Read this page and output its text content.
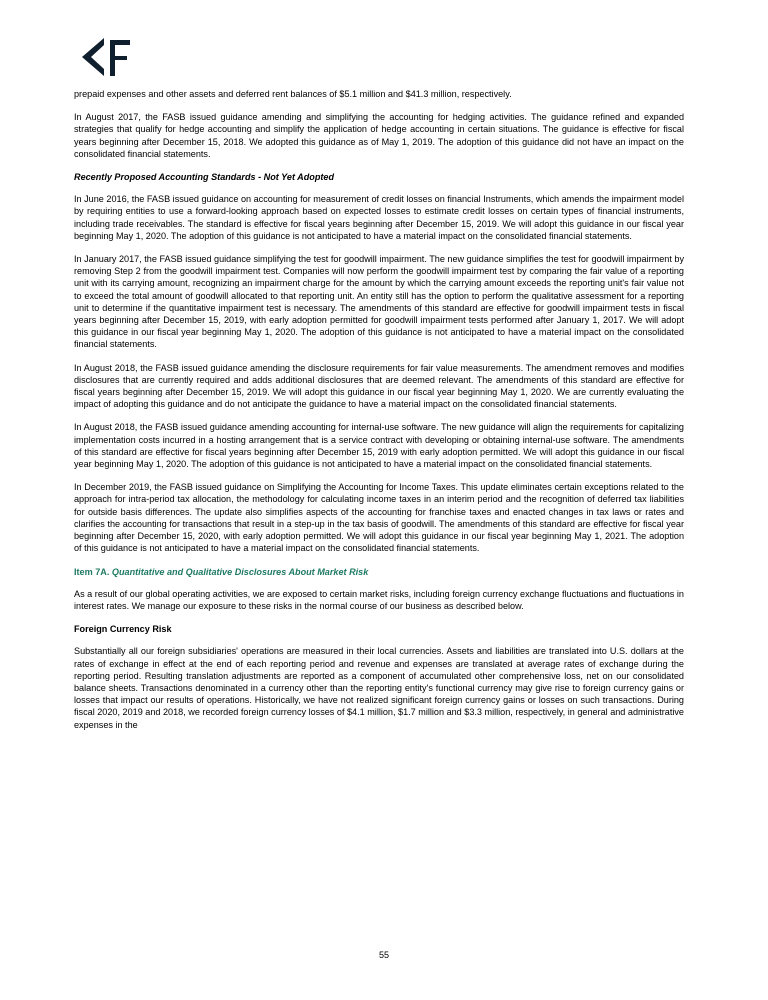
prepaid expenses and other assets and deferred rent balances of $5.1 million and $41.3 million, respectively.

In August 2017, the FASB issued guidance amending and simplifying the accounting for hedging activities. The guidance refined and expanded strategies that qualify for hedge accounting and simplify the application of hedge accounting in certain situations. The guidance is effective for fiscal years beginning after December 15, 2018. We adopted this guidance as of May 1, 2019. The adoption of this guidance did not have an impact on the consolidated financial statements.

Recently Proposed Accounting Standards - Not Yet Adopted

In June 2016, the FASB issued guidance on accounting for measurement of credit losses on financial Instruments, which amends the impairment model by requiring entities to use a forward-looking approach based on expected losses to estimate credit losses on certain types of financial instruments, including trade receivables. The standard is effective for fiscal years beginning after December 15, 2019. We will adopt this guidance in our fiscal year beginning May 1, 2020. The adoption of this guidance is not anticipated to have a material impact on the consolidated financial statements.

In January 2017, the FASB issued guidance simplifying the test for goodwill impairment. The new guidance simplifies the test for goodwill impairment by removing Step 2 from the goodwill impairment test. Companies will now perform the goodwill impairment test by comparing the fair value of a reporting unit with its carrying amount, recognizing an impairment charge for the amount by which the carrying amount exceeds the reporting unit's fair value not to exceed the total amount of goodwill allocated to that reporting unit. An entity still has the option to perform the qualitative assessment for a reporting unit to determine if the quantitative impairment test is necessary. The amendments of this standard are effective for goodwill impairment tests in fiscal years beginning after December 15, 2019, with early adoption permitted for goodwill impairment tests performed after January 1, 2017. We will adopt this guidance in our fiscal year beginning May 1, 2020. The adoption of this guidance is not anticipated to have a material impact on the consolidated financial statements.

In August 2018, the FASB issued guidance amending the disclosure requirements for fair value measurements. The amendment removes and modifies disclosures that are currently required and adds additional disclosures that are deemed relevant. The amendments of this standard are effective for fiscal years beginning after December 15, 2019. We will adopt this guidance in our fiscal year beginning May 1, 2020. We are currently evaluating the impact of adopting this guidance and do not anticipate the guidance to have a material impact on the consolidated financial statements.

In August 2018, the FASB issued guidance amending accounting for internal-use software. The new guidance will align the requirements for capitalizing implementation costs incurred in a hosting arrangement that is a service contract with developing or obtaining internal-use software. The amendments of this standard are effective for fiscal years beginning after December 15, 2019 with early adoption permitted. We will adopt this guidance in our fiscal year beginning May 1, 2020. The adoption of this guidance is not anticipated to have a material impact on the consolidated financial statements.

In December 2019, the FASB issued guidance on Simplifying the Accounting for Income Taxes. This update eliminates certain exceptions related to the approach for intra-period tax allocation, the methodology for calculating income taxes in an interim period and the recognition of deferred tax liabilities for outside basis differences. The update also simplifies aspects of the accounting for franchise taxes and enacted changes in tax laws or rates and clarifies the accounting for transactions that result in a step-up in the tax basis of goodwill. The amendments of this standard are effective for fiscal year beginning after December 15, 2020, with early adoption permitted. We will adopt this guidance in our fiscal year beginning May 1, 2021. The adoption of this guidance is not anticipated to have a material impact on the consolidated financial statements.

Item 7A. Quantitative and Qualitative Disclosures About Market Risk

As a result of our global operating activities, we are exposed to certain market risks, including foreign currency exchange fluctuations and fluctuations in interest rates. We manage our exposure to these risks in the normal course of our business as described below.

Foreign Currency Risk

Substantially all our foreign subsidiaries' operations are measured in their local currencies. Assets and liabilities are translated into U.S. dollars at the rates of exchange in effect at the end of each reporting period and revenue and expenses are translated at average rates of exchange during the reporting period. Resulting translation adjustments are reported as a component of accumulated other comprehensive loss, net on our consolidated balance sheets. Transactions denominated in a currency other than the reporting entity's functional currency may give rise to foreign currency gains or losses that impact our results of operations. Historically, we have not realized significant foreign currency gains or losses on such transactions. During fiscal 2020, 2019 and 2018, we recorded foreign currency losses of $4.1 million, $1.7 million and $3.3 million, respectively, in general and administrative expenses in the

55
